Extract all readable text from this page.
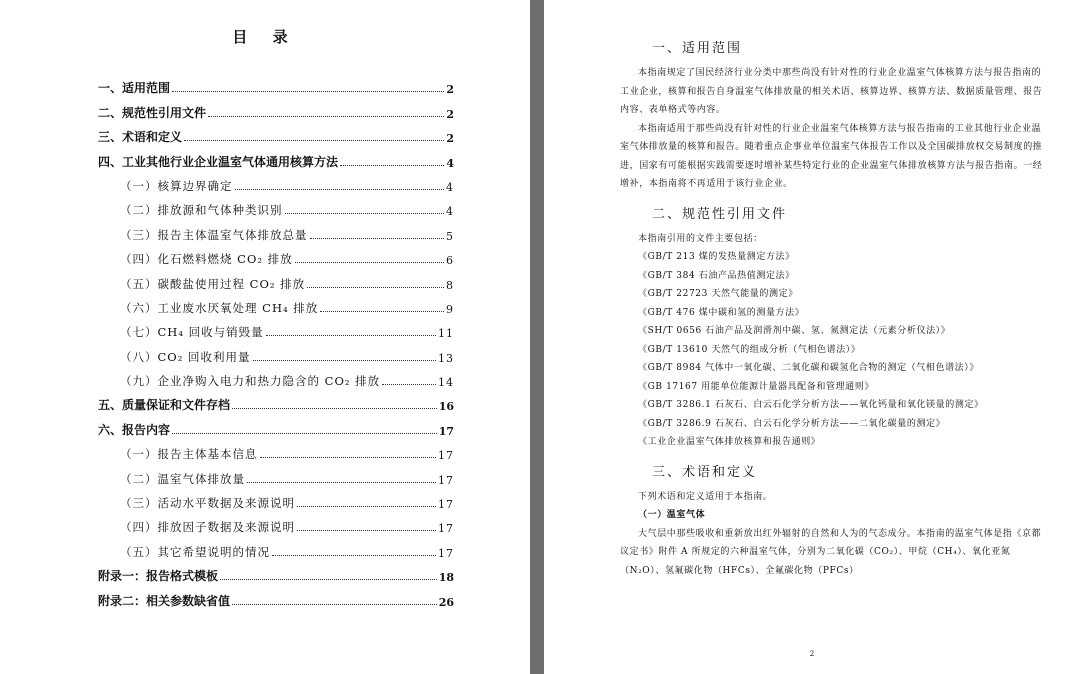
目 录
一、适用范围	2
二、规范性引用文件	2
三、术语和定义	2
四、工业其他行业企业温室气体通用核算方法	4
（一）核算边界确定	4
（二）排放源和气体种类识别	4
（三）报告主体温室气体排放总量	5
（四）化石燃料燃烧 CO₂ 排放	6
（五）碳酸盐使用过程 CO₂ 排放	8
（六）工业废水厌氧处理 CH₄ 排放	9
（七）CH₄ 回收与销毁量	11
（八）CO₂ 回收利用量	13
（九）企业净购入电力和热力隐含的 CO₂ 排放	14
五、质量保证和文件存档	16
六、报告内容	17
（一）报告主体基本信息	17
（二）温室气体排放量	17
（三）活动水平数据及来源说明	17
（四）排放因子数据及来源说明	17
（五）其它希望说明的情况	17
附录一：报告格式模板	18
附录二：相关参数缺省值	26
一、适用范围

本指南规定了国民经济行业分类中那些尚没有针对性的行业企业温室气体核算方法与报告指南的工业企业，核算和报告自身温室气体排放量的相关术语、核算边界、核算方法、数据质量管理、报告内容、表单格式等内容。

本指南适用于那些尚没有针对性的行业企业温室气体核算方法与报告指南的工业其他行业企业温室气体排放量的核算和报告。随着重点企事业单位温室气体报告工作以及全国碳排放权交易制度的推进，国家有可能根据实践需要逐时增补某些特定行业的企业温室气体排放核算方法与报告指南。一经增补，本指南将不再适用于该行业企业。

二、规范性引用文件

本指南引用的文件主要包括：

《GB/T 213 煤的发热量测定方法》

《GB/T 384 石油产品热值测定法》

《GB/T 22723 天然气能量的测定》

《GB/T 476 煤中碳和氢的测量方法》

《SH/T 0656 石油产品及润滑剂中碳、氢、氮测定法（元素分析仪法）》

《GB/T 13610 天然气的组成分析（气相色谱法）》

《GB/T 8984 气体中一氧化碳、二氧化碳和碳氢化合物的测定（气相色谱法）》

《GB 17167 用能单位能源计量器具配备和管理通则》

《GB/T 3286.1 石灰石、白云石化学分析方法——氧化钙量和氧化镁量的测定》

《GB/T 3286.9 石灰石、白云石化学分析方法——二氧化碳量的测定》

《工业企业温室气体排放核算和报告通则》

三、术语和定义

下列术语和定义适用于本指南。

（一）温室气体

大气层中那些吸收和重新放出红外辐射的自然和人为的气态成分。本指南的温室气体是指《京都议定书》附件 A 所规定的六种温室气体，分别为二氧化碳（CO₂）、甲烷（CH₄）、氧化亚氮（N₂O）、氢氟碳化物（HFCs）、全氟碳化物（PFCs）

2
